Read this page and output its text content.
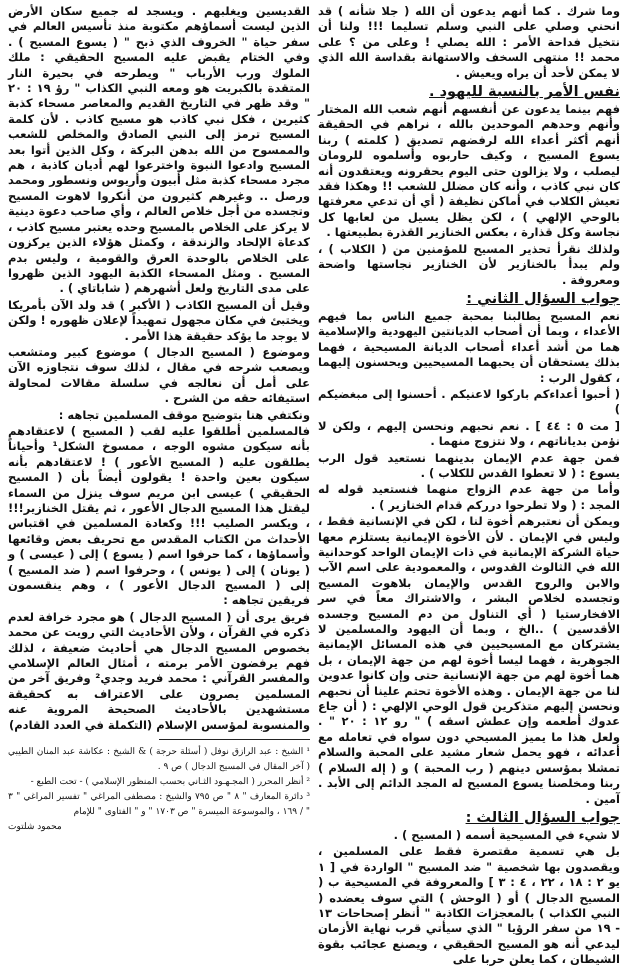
وما شرك . كما أنهم يدعون أن الله ( جلا شأنه ) قد انحني وصلي على النبي وسلم تسليما !!! ولنا أن نتخيل فداحة الأمر : الله يصلي ! وعلى من ؟ على محمد !! منتهى السخف والاستهانة بقداسة الله الذي لا يمكن لأحد أن يراه ويعيش .

نفس الأمر بالنسبة لليهود .

فهم بينما يدعون عن أنفسهم أنهم شعب الله المختار وأنهم وحدهم الموحدين بالله ، نراهم في الحقيقة أنهم أكثر أعداء الله لرفضهم تصديق ( كلمته ) ربنا يسوع المسيح ، وكيف حاربوه وأسلموه للرومان ليصلب ، ولا يزالون حتى اليوم يحقرونه ويعتقدون أنه كان نبي كاذب ، وأنه كان مضلل للشعب !! وهكذا فقد تعيش الكلاب في أماكن نظيفة ( أي أن تدعي معرفتها بالوحي الإلهي ) ، لكن يظل يسيل من لعابها كل نجاسة وكل قذارة ، بعكس الخنازير القذرة بطبيعتها .

ولذلك نقرأ تحذير المسيح للمؤمنين من ( الكلاب ) ، ولم يبدأ بالخنازير لأن الخنازير نجاستها واضحة ومعروفة .

جواب السؤال الثاني :

نعم المسيح يطالبنا بمحبة جميع الناس بما فيهم الأعداء ، وبما أن أصحاب الديانتين اليهودية والإسلامية هما من أشد أعداء أصحاب الديانة المسيحية ، فهما بذلك يستحقان أن يحبهما المسيحيين ويحسنون إليهما ، كقول الرب :

( أحبوا أعداءكم باركوا لاعنيكم . أحسنوا إلى مبغضيكم )

[ مت ٥ : ٤٤ ] . نعم نحبهم ونحسن إليهم ، ولكن لا نؤمن بدياناتهم ، ولا نتزوج منهما .

فمن جهة عدم الإيمان بدينهما نستعيد قول الرب يسوع : ( لا تعطوا القدس للكلاب ) .

وأما من جهة عدم الزواج منهما فنستعيد قوله له المجد : ( ولا تطرحوا درركم قدام الخنازير ) .

ويمكن أن نعتبرهم أخوة لنا ، لكن في الإنسانية فقط ، وليس في الإيمان . لأن الأخوة الإيمانية يستلزم معها حياة الشركة الإيمانية في ذات الإيمان الواحد كوحدانية الله في الثالوث القدوس ، والمعمودية على اسم الآب والابن والروح القدس والإيمان بلاهوت المسيح وتجسده لخلاص البشر ، والاشتراك معاً في سر الافخارستيا ( أي التناول من دم المسيح وجسده الأقدسين ) ..الخ ، وبما أن اليهود والمسلمين لا يشتركان مع المسيحيين في هذه المسائل الإيمانية الجوهرية ، فهما ليسا أخوة لهم من جهة الإيمان ، بل هما أخوة لهم من جهة الإنسانية حتى وإن كانوا عدوين لنا من جهة الإيمان . وهذه الأخوة تحتم علينا أن نحبهم ونحسن إليهم متذكرين قول الوحي الإلهي : ( أن جاع عدوك أطعمه وإن عطش اسقه ) " رو ١٢ : ٢٠ " . ولعل هذا ما يميز المسيحي دون سواه في تعامله مع أعدائه ، فهو يحمل شعار مشيد على المحبة والسلام تمشلا بمؤسس دينهم ( رب المحبة ) و ( إله السلام ) ربنا ومخلصنا يسوع المسيح له المجد الدائم إلى الأبد . آمين .

جواب السؤال الثالث :

لا شيء في المسيحية أسمه ( المسيح ) .

بل هي تسمية مقتصرة فقط على المسلمين ، ويقصدون بها شخصية " ضد المسيح " الواردة في [ ١ يو ٢ : ١٨ ، ٢٢ ، ٤ : ٣ ] والمعروفة في المسيحية ب ( المسيح الدجال ) أو ( الوحش ) التي سوف يعضده ( النبي الكذاب ) بالمعجزات الكاذبة " أنظر إصحاحات ١٣ - ١٩ من سفر الرؤيا " الذي سيأتي قرب نهاية الأزمان ليدعي أنه هو المسيح الحقيقي ، ويصنع عجائب بقوة الشيطان ، كما يعلن حربا على

القديسين ويغلبهم . ويسجد له جميع سكان الأرض الذين ليست أسماؤهم مكتوبة منذ تأسيس العالم في سفر حياة " الخروف الذي ذبح " ( يسوع المسيح ) . وفي الختام يقبض عليه المسيح الحقيقي : ملك الملوك ورب الأرباب " ويطرحه في بحيرة النار المتقدة بالكبريت هو ومعه النبي الكذاب " رؤ ١٩ : ٢٠ " وقد ظهر في التاريخ القديم والمعاصر مسحاء كذبة كثيرين ، فكل نبي كاذب هو مسيح كاذب . لأن كلمة المسيح ترمز إلى النبي الصادق والمخلص للشعب والممسوح من الله بدهن البركة ، وكل الذين أتوا بعد المسيح وادعوا النبوة واخترعوا لهم أديان كاذبة ، هم مجرد مسحاء كذبة مثل أبيون وأريوس ونسطور ومحمد ورصل .. وغيرهم كثيرون من أنكروا لاهوت المسيح وتجسده من أجل خلاص العالم ، وأي صاحب دعوة دينية لا يركز على الخلاص بالمسيح وحده يعتبر مسيح كاذب ، كدعاة الإلحاد والزندقة ، وكمثل هؤلاء الذين يركزون على الخلاص بالوحدة العرق والقومية ، وليس بدم المسيح . ومثل المسحاء الكذبة اليهود الذين ظهروا على مدى التاريخ ولعل أشهرهم ( شاباتاي ) .

وقيل أن المسيح الكاذب ( الأكبر ) قد ولد الآن بأمريكا ويختبئ في مكان مجهول تمهيداً لإعلان ظهوره ! ولكن لا يوجد ما يؤكد حقيقة هذا الأمر .

وموضوع ( المسيح الدجال ) موضوع كبير ومتشعب ويصعب شرحه في مقال ، لذلك سوف نتجاوزه الآن على أمل أن نعالجه في سلسلة مقالات لمحاولة استيفائه حقه من الشرح .

ونكتفي هنا بتوضيح موقف المسلمين تجاهه :

فالمسلمين أطلقوا عليه لقب ( المسيح ) لاعتقادهم بأنه سيكون مشوه الوجه ، ممسوخ الشكل¹ وأحياناً يطلقون عليه ( المسيح الأعور ) ! لاعتقادهم بأنه سيكون بعين واحدة ! يقولون أيضاً بأن ( المسيح الحقيقي ) عيسى ابن مريم سوف ينزل من السماء ليقتل هذا المسيح الدجال الأعور ، ثم يقتل الخنازير!!! ، ويكسر الصليب !!! وكعادة المسلمين في اقتباس الأحداث من الكتاب المقدس مع تحريف بعض وقائعها وأسماؤها ، كما حرفوا اسم ( يسوع ) إلى ( عيسى ) و ( يونان ) إلى ( يونس ) ، وحرفوا اسم ( ضد المسيح ) إلى ( المسيح الدجال الأعور ) ، وهم ينقسمون فريقين تجاهه :

فريق يرى أن ( المسيح الدجال ) هو مجرد خرافة لعدم ذكره في القرآن ، ولأن الأحاديث التي رويت عن محمد بخصوص المسيح الدجال هي أحاديث ضعيفة ، لذلك فهم يرفضون الأمر برمته ، أمثال العالم الإسلامي والمفسر القرآني : محمد فريد وجدي² وفريق آخر من المسلمين يصرون على الاعتراف به كحقيقة مستشهدين بالأحاديث الصحيحة المروية عنه والمنسوبة لمؤسس الإسلام (التكملة في العدد القادم)

¹ الشيخ : عبد الرازق نوفل ( أسئلة حرجة ) & الشيخ : عكاشة عبد المنان الطيبي ( آخر المقال في المسيح الدجال ) ص ٩ .

² أنظر المحرر ( المجـهـود الثـاني بحسب المنظور الإسلامي ) - تحت الطبع -

³ دائرة المعارف " ٨ " ص ٧٩٥ والشيخ : مصطفى المراغي " تفسير المراغي " ٣ " / ١٦٩ ، والموسوعة الميسرة " ص ١٧٠٣ " و " الفتاوى " للإمام

محمود شلتوت
